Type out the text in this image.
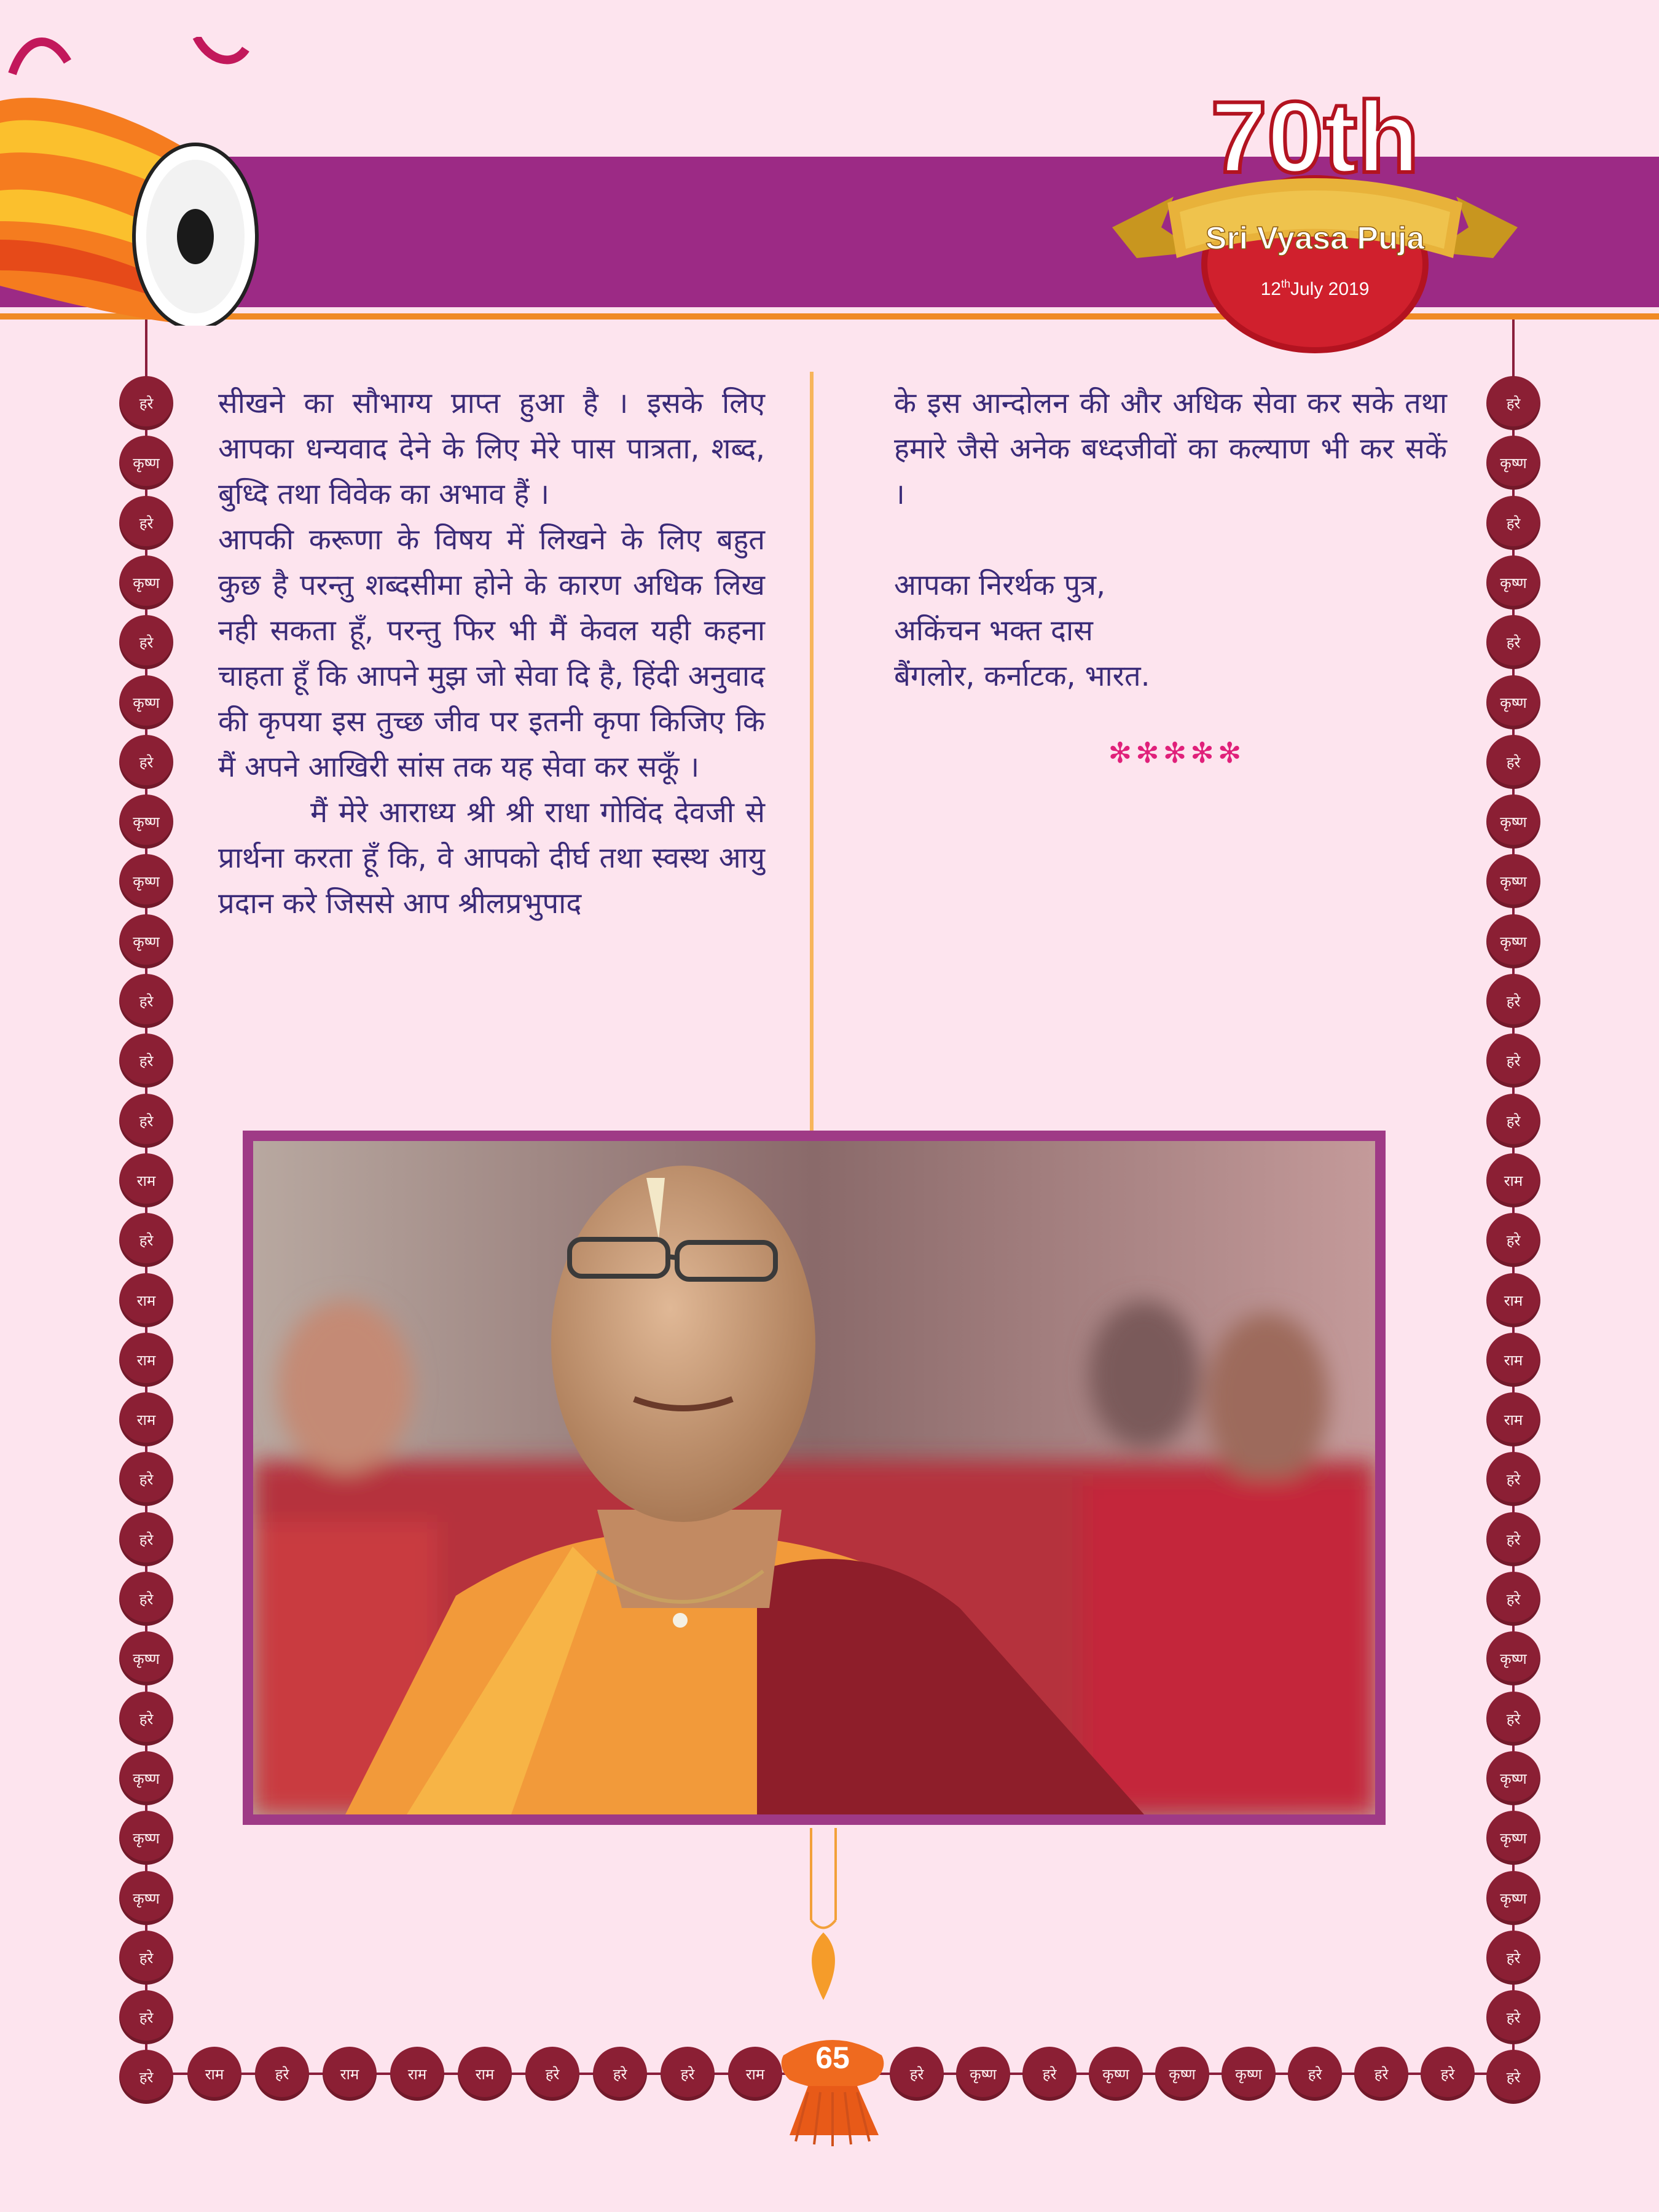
70th
Sri Vyasa Puja
12thJuly 2019
हरे
कृष्ण
हरे
कृष्ण
हरे
कृष्ण
हरे
कृष्ण
कृष्ण
कृष्ण
हरे
हरे
हरे
राम
हरे
राम
राम
राम
हरे
हरे
हरे
कृष्ण
हरे
कृष्ण
कृष्ण
कृष्ण
हरे
हरे
हरे
हरे
कृष्ण
हरे
कृष्ण
हरे
कृष्ण
हरे
कृष्ण
कृष्ण
कृष्ण
हरे
हरे
हरे
राम
हरे
राम
राम
राम
हरे
हरे
हरे
कृष्ण
हरे
कृष्ण
कृष्ण
कृष्ण
हरे
हरे
हरे
राम	हरे	राम	राम	राम	हरे	हरे	हरे	राम	हरे	कृष्ण	हरे	कृष्ण	कृष्ण	कृष्ण	हरे	हरे	हरे

सीखने का सौभाग्य प्राप्त हुआ है । इसके लिए आपका धन्यवाद देने के लिए मेरे पास पात्रता, शब्द, बुध्दि तथा विवेक का अभाव हैं ।

आपकी करूणा के विषय में लिखने के लिए बहुत कुछ है परन्तु शब्दसीमा होने के कारण अधिक लिख नही सकता हूँ, परन्तु फिर भी मैं केवल यही कहना चाहता हूँ कि आपने मुझ जो सेवा दि है, हिंदी अनुवाद की कृपया इस तुच्छ जीव पर इतनी कृपा किजिए कि मैं अपने आखिरी सांस तक यह सेवा कर सकूँ ।

मैं मेरे आराध्य श्री श्री राधा गोविंद देवजी से प्रार्थना करता हूँ कि, वे आपको दीर्घ तथा स्वस्थ आयु प्रदान करे जिससे आप श्रीलप्रभुपाद

के इस आन्दोलन की और अधिक सेवा कर सके तथा हमारे जैसे अनेक बध्दजीवों का कल्याण भी कर सकें ।

आपका निरर्थक पुत्र,

अकिंचन भक्त दास

बैंगलोर, कर्नाटक, भारत.

✻✻✻✻✻
65
